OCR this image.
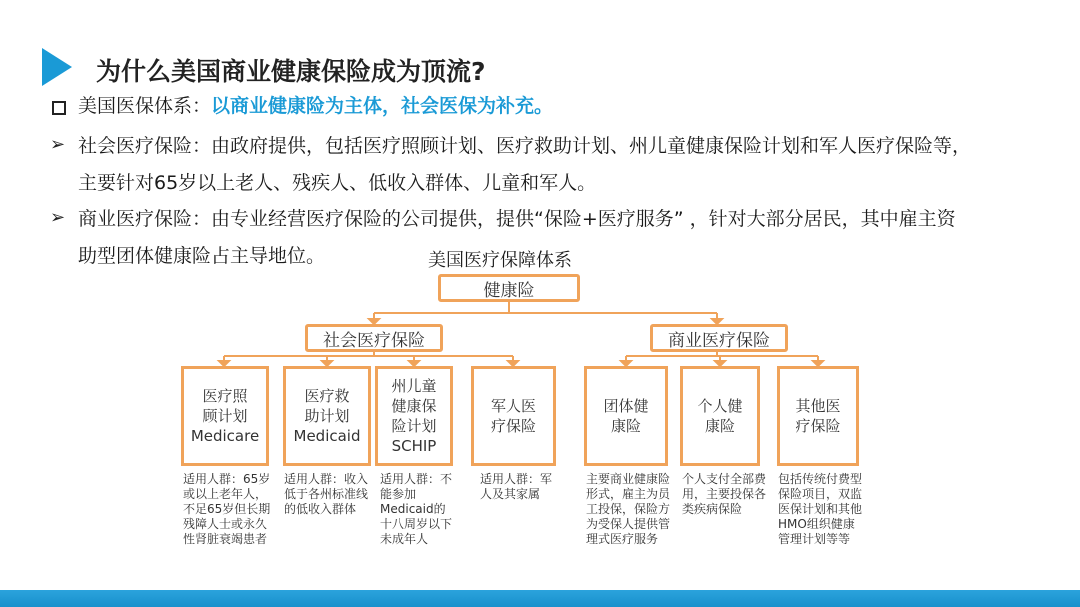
为什么美国商业健康保险成为顶流?
美国医保体系：以商业健康险为主体，社会医保为补充。
➢ 社会医疗保险：由政府提供，包括医疗照顾计划、医疗救助计划、州儿童健康保险计划和军人医疗保险等，
主要针对65岁以上老人、残疾人、低收入群体、儿童和军人。
➢ 商业医疗保险：由专业经营医疗保险的公司提供，提供“保险+医疗服务” ，针对大部分居民，其中雇主资
助型团体健康险占主导地位。	美国医疗保障体系
健康险
社会医疗保险	商业医疗保险
医疗照
顾计划
Medicare
医疗救
助计划
Medicaid
州儿童
健康保
险计划
SCHIP
军人医
疗保险
团体健
康险
个人健
康险
其他医
疗保险
适用人群：65岁或以上老年人，不足65岁但长期残障人士或永久性肾脏衰竭患者
适用人群：收入低于各州标准线的低收入群体
适用人群：不能参加Medicaid的十八周岁以下未成年人
适用人群：军人及其家属
主要商业健康险形式，雇主为员工投保，保险方为受保人提供管理式医疗服务
个人支付全部费用，主要投保各类疾病保险
包括传统付费型保险项目，双监医保计划和其他HMO组织健康管理计划等等
